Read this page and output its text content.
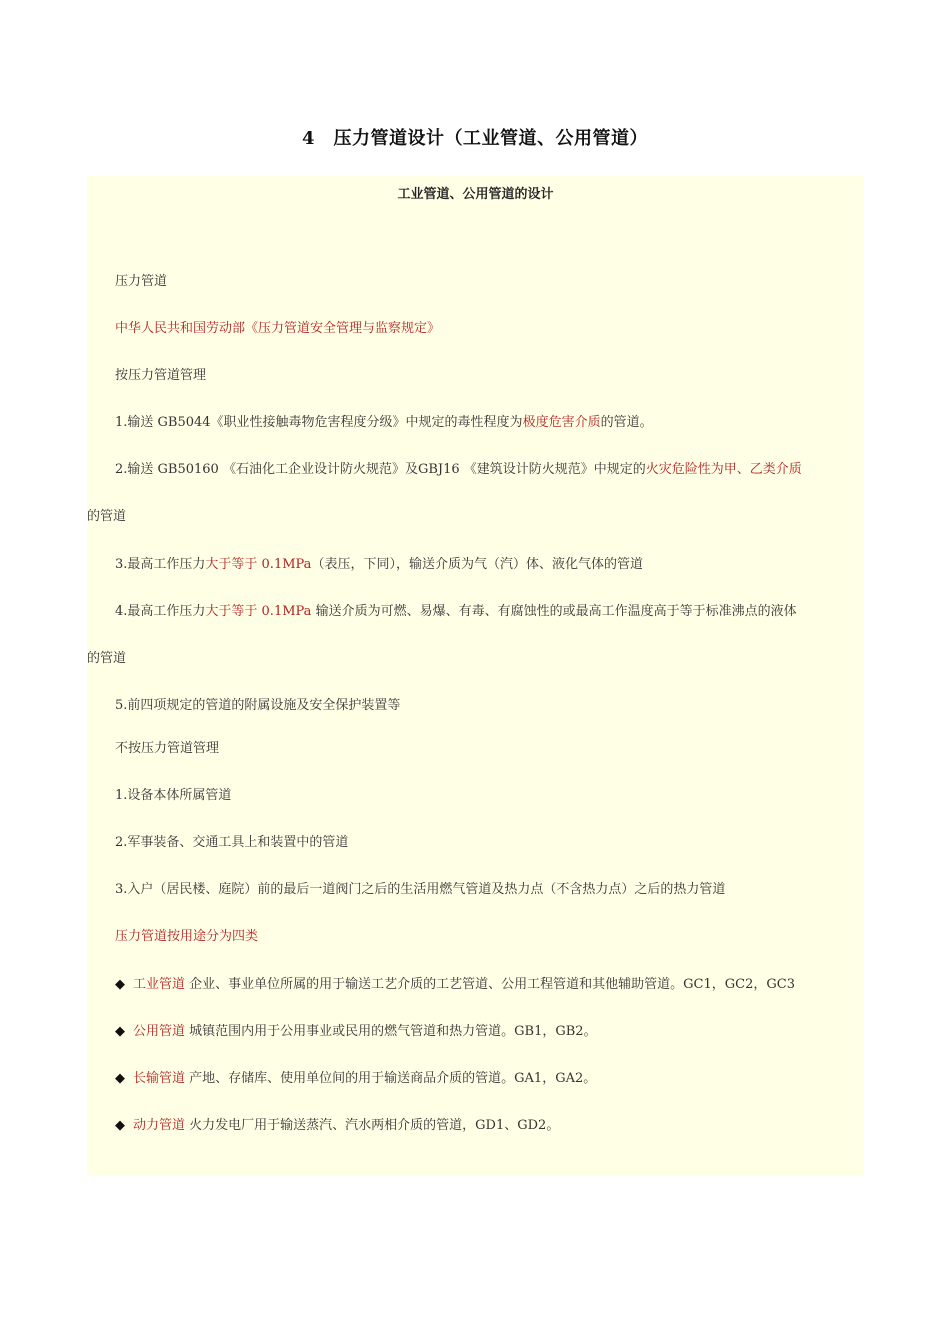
4　压力管道设计（工业管道、公用管道）
工业管道、公用管道的设计
压力管道
中华人民共和国劳动部《压力管道安全管理与监察规定》
按压力管道管理
1.输送 GB5044《职业性接触毒物危害程度分级》中规定的毒性程度为极度危害介质的管道。
2.输送 GB50160 《石油化工企业设计防火规范》及GBJ16 《建筑设计防火规范》中规定的火灾危险性为甲、乙类介质
的管道
3.最高工作压力大于等于 0.1MPa（表压，下同），输送介质为气（汽）体、液化气体的管道
4.最高工作压力大于等于 0.1MPa 输送介质为可燃、易爆、有毒、有腐蚀性的或最高工作温度高于等于标准沸点的液体
的管道
5.前四项规定的管道的附属设施及安全保护装置等
不按压力管道管理
1.设备本体所属管道
2.军事装备、交通工具上和装置中的管道
3.入户（居民楼、庭院）前的最后一道阀门之后的生活用燃气管道及热力点（不含热力点）之后的热力管道
压力管道按用途分为四类
◆ 工业管道 企业、事业单位所属的用于输送工艺介质的工艺管道、公用工程管道和其他辅助管道。GC1，GC2，GC3
◆ 公用管道 城镇范围内用于公用事业或民用的燃气管道和热力管道。GB1，GB2。
◆ 长输管道 产地、存储库、使用单位间的用于输送商品介质的管道。GA1，GA2。
◆ 动力管道 火力发电厂用于输送蒸汽、汽水两相介质的管道，GD1、GD2。
